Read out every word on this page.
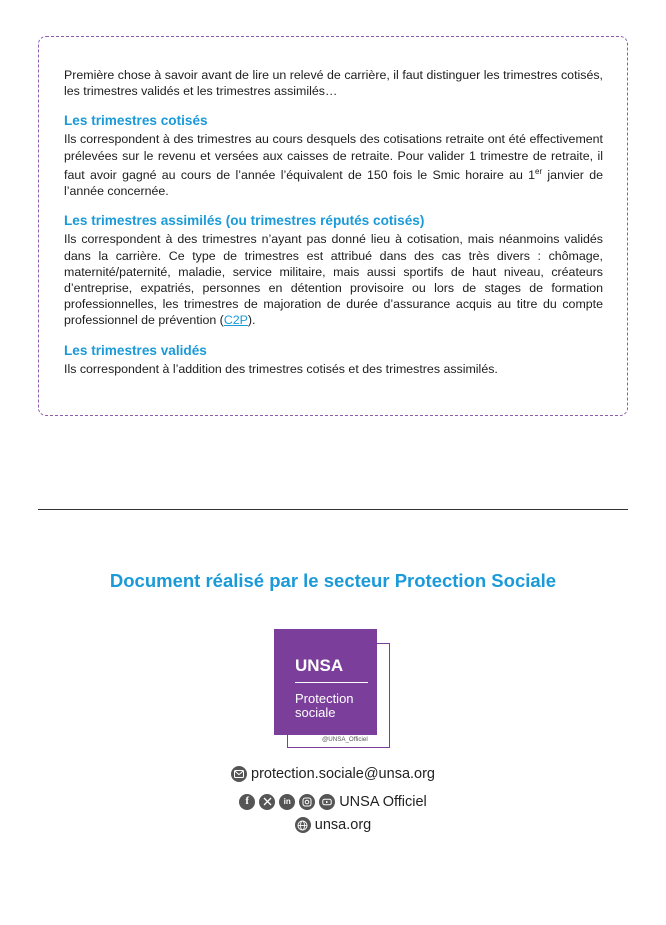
Première chose à savoir avant de lire un relevé de carrière, il faut distinguer les trimestres cotisés, les trimestres validés et les trimestres assimilés…

Les trimestres cotisés

Ils correspondent à des trimestres au cours desquels des cotisations retraite ont été effectivement prélevées sur le revenu et versées aux caisses de retraite. Pour valider 1 trimestre de retraite, il faut avoir gagné au cours de l’année l’équivalent de 150 fois le Smic horaire au 1er janvier de l’année concernée.

Les trimestres assimilés (ou trimestres réputés cotisés)

Ils correspondent à des trimestres n’ayant pas donné lieu à cotisation, mais néanmoins validés dans la carrière. Ce type de trimestres est attribué dans des cas très divers : chômage, maternité/paternité, maladie, service militaire, mais aussi sportifs de haut niveau, créateurs d’entreprise, expatriés, personnes en détention provisoire ou lors de stages de formation professionnelles, les trimestres de majoration de durée d’assurance acquis au titre du compte professionnel de prévention (C2P).

Les trimestres validés

Ils correspondent à l’addition des trimestres cotisés et des trimestres assimilés.

Document réalisé par le secteur Protection Sociale
UNSA
Protection
sociale
@UNSA_Officiel
protection.sociale@unsa.org
f	in	UNSA Officiel
unsa.org
